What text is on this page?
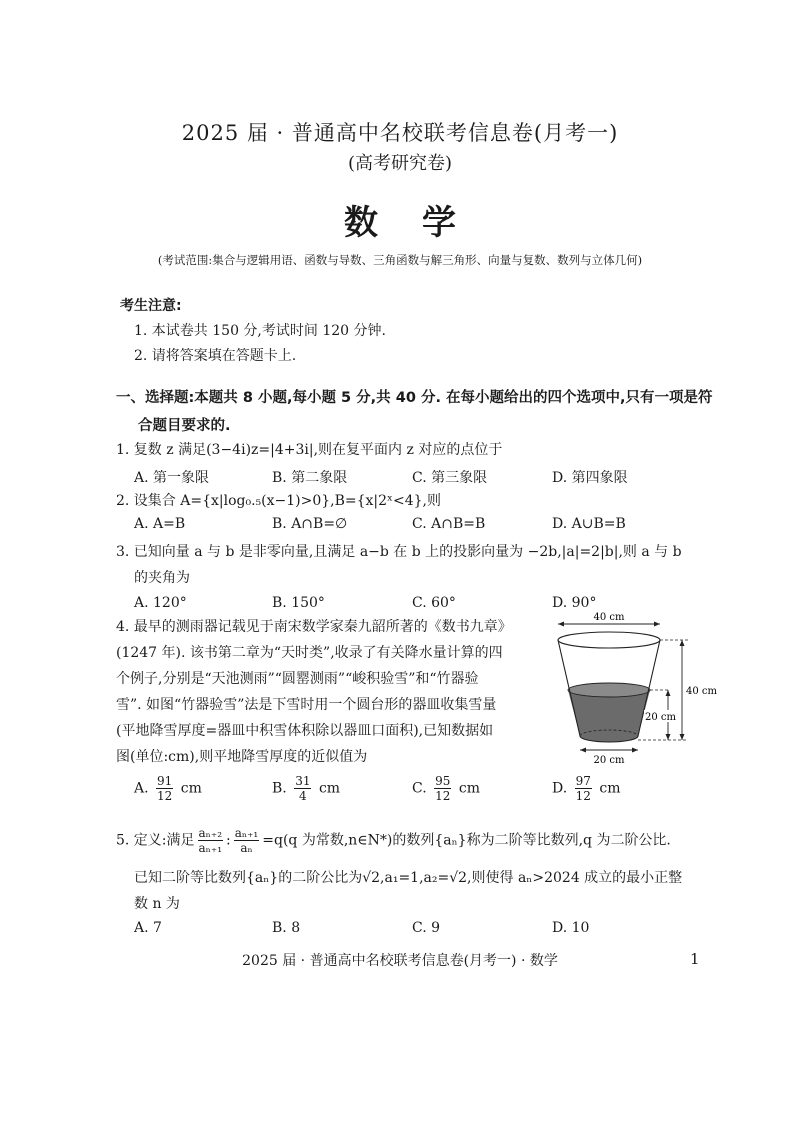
2025 届 · 普通高中名校联考信息卷(月考一)
(高考研究卷)
数学
(考试范围:集合与逻辑用语、函数与导数、三角函数与解三角形、向量与复数、数列与立体几何)
考生注意:
1. 本试卷共 150 分,考试时间 120 分钟.
2. 请将答案填在答题卡上.
一、选择题:本题共 8 小题,每小题 5 分,共 40 分. 在每小题给出的四个选项中,只有一项是符
合题目要求的.
1. 复数 z 满足(3−4i)z=|4+3i|,则在复平面内 z 对应的点位于
A. 第一象限	B. 第二象限	C. 第三象限	D. 第四象限
2. 设集合 A={x|log₀.₅(x−1)>0},B={x|2ˣ<4},则
A. A=B	B. A∩B=∅	C. A∩B=B	D. A∪B=B
3. 已知向量 a 与 b 是非零向量,且满足 a−b 在 b 上的投影向量为 −2b,|a|=2|b|,则 a 与 b
的夹角为
A. 120°	B. 150°	C. 60°	D. 90°
4. 最早的测雨器记载见于南宋数学家秦九韶所著的《数书九章》
(1247 年). 该书第二章为“天时类”,收录了有关降水量计算的四
个例子,分别是“天池测雨”“圆罂测雨”“峻积验雪”和“竹器验
雪”. 如图“竹器验雪”法是下雪时用一个圆台形的器皿收集雪量
(平地降雪厚度=器皿中积雪体积除以器皿口面积),已知数据如
图(单位:cm),则平地降雪厚度的近似值为
A. $\frac{91}{12}$ cm	B. $\frac{31}{4}$ cm	C. $\frac{95}{12}$ cm	D. $\frac{97}{12}$ cm
40 cm
40 cm
20 cm
20 cm
5. 定义:满足 $\frac{\text{aₙ₊₂}}{\text{aₙ₊₁}}$ : $\frac{\text{aₙ₊₁}}{\text{aₙ}} =q(q$ 为常数,n∈N*)的数列{aₙ}称为二阶等比数列,q 为二阶公比.
已知二阶等比数列{aₙ}的二阶公比为√2,a₁=1,a₂=√2,则使得 aₙ>2024 成立的最小正整
数 n 为
A. 7	B. 8	C. 9	D. 10
2025 届 · 普通高中名校联考信息卷(月考一) · 数学	1
